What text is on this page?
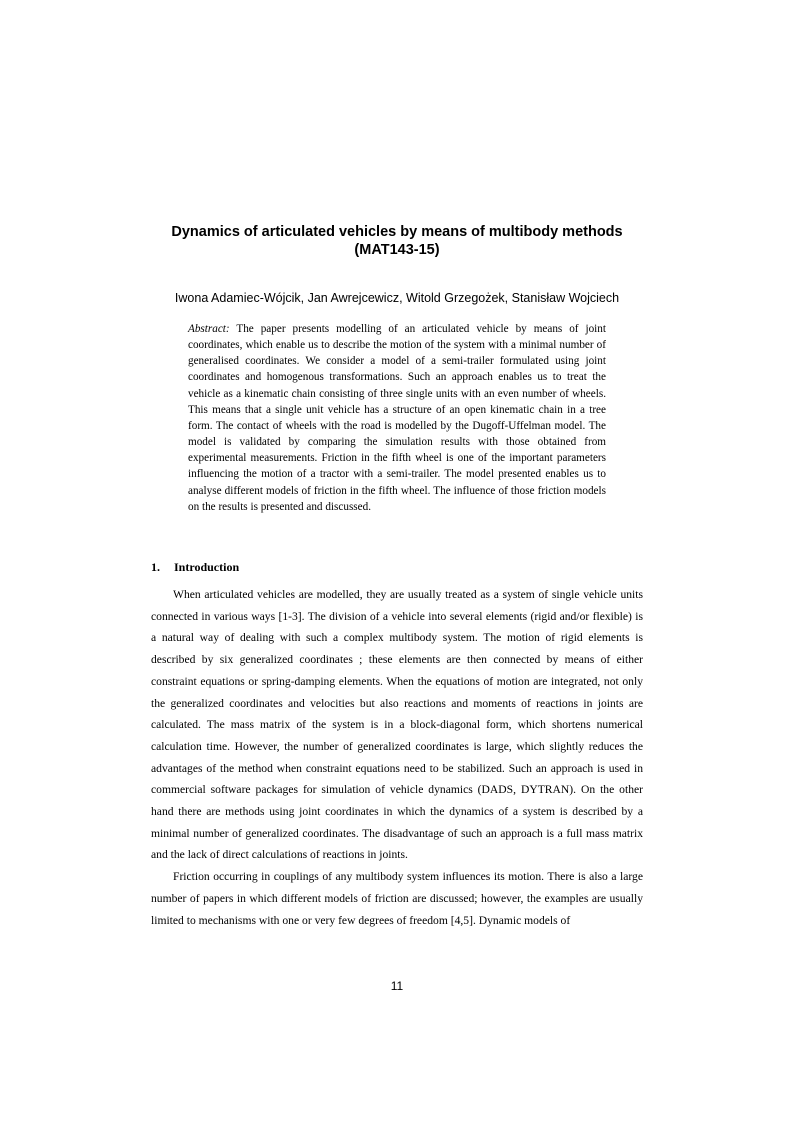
Dynamics of articulated vehicles by means of multibody methods
(MAT143-15)

Iwona Adamiec-Wójcik, Jan Awrejcewicz, Witold Grzegożek, Stanisław Wojciech

Abstract: The paper presents modelling of an articulated vehicle by means of joint coordinates, which enable us to describe the motion of the system with a minimal number of generalised coordinates. We consider a model of a semi-trailer formulated using joint coordinates and homogenous transformations. Such an approach enables us to treat the vehicle as a kinematic chain consisting of three single units with an even number of wheels. This means that a single unit vehicle has a structure of an open kinematic chain in a tree form. The contact of wheels with the road is modelled by the Dugoff-Uffelman model. The model is validated by comparing the simulation results with those obtained from experimental measurements. Friction in the fifth wheel is one of the important parameters influencing the motion of a tractor with a semi-trailer. The model presented enables us to analyse different models of friction in the fifth wheel. The influence of those friction models on the results is presented and discussed.

1. Introduction

When articulated vehicles are modelled, they are usually treated as a system of single vehicle units connected in various ways [1-3]. The division of a vehicle into several elements (rigid and/or flexible) is a natural way of dealing with such a complex multibody system. The motion of rigid elements is described by six generalized coordinates ; these elements are then connected by means of either constraint equations or spring-damping elements. When the equations of motion are integrated, not only the generalized coordinates and velocities but also reactions and moments of reactions in joints are calculated. The mass matrix of the system is in a block-diagonal form, which shortens numerical calculation time. However, the number of generalized coordinates is large, which slightly reduces the advantages of the method when constraint equations need to be stabilized. Such an approach is used in commercial software packages for simulation of vehicle dynamics (DADS, DYTRAN). On the other hand there are methods using joint coordinates in which the dynamics of a system is described by a minimal number of generalized coordinates. The disadvantage of such an approach is a full mass matrix and the lack of direct calculations of reactions in joints.

Friction occurring in couplings of any multibody system influences its motion. There is also a large number of papers in which different models of friction are discussed; however, the examples are usually limited to mechanisms with one or very few degrees of freedom [4,5]. Dynamic models of

11
